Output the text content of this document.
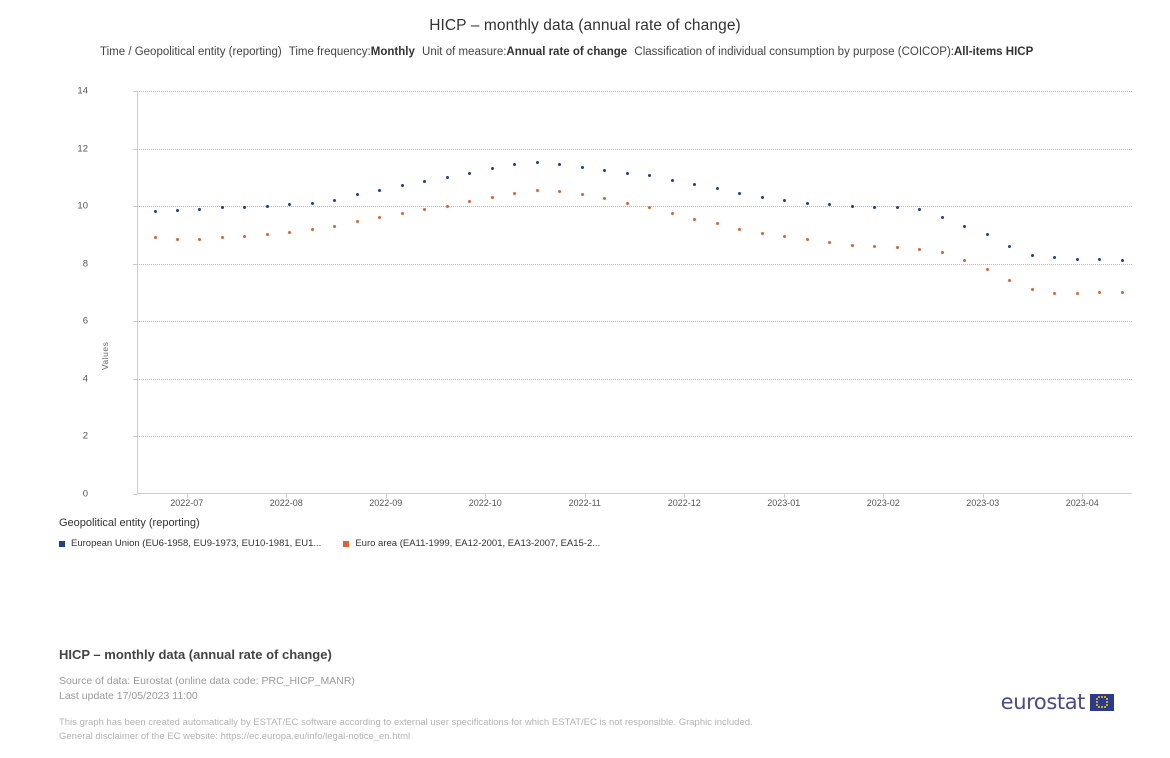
HICP – monthly data (annual rate of change)
Time / Geopolitical entity (reporting) Time frequency:Monthly Unit of measure:Annual rate of change Classification of individual consumption by purpose (COICOP):All-items HICP
Values
0
2
4
6
8
10
12
14
2022-07	2022-08	2022-09	2022-10	2022-11	2022-12	2023-01	2023-02	2023-03	2023-04
Geopolitical entity (reporting)
European Union (EU6-1958, EU9-1973, EU10-1981, EU1...	Euro area (EA11-1999, EA12-2001, EA13-2007, EA15-2...
HICP – monthly data (annual rate of change)
Source of data: Eurostat (online data code: PRC_HICP_MANR)
Last update 17/05/2023 11:00
This graph has been created automatically by ESTAT/EC software according to external user specifications for which ESTAT/EC is not responsible. Graphic included.
General disclaimer of the EC website: https://ec.europa.eu/info/legal-notice_en.html
eurostat
